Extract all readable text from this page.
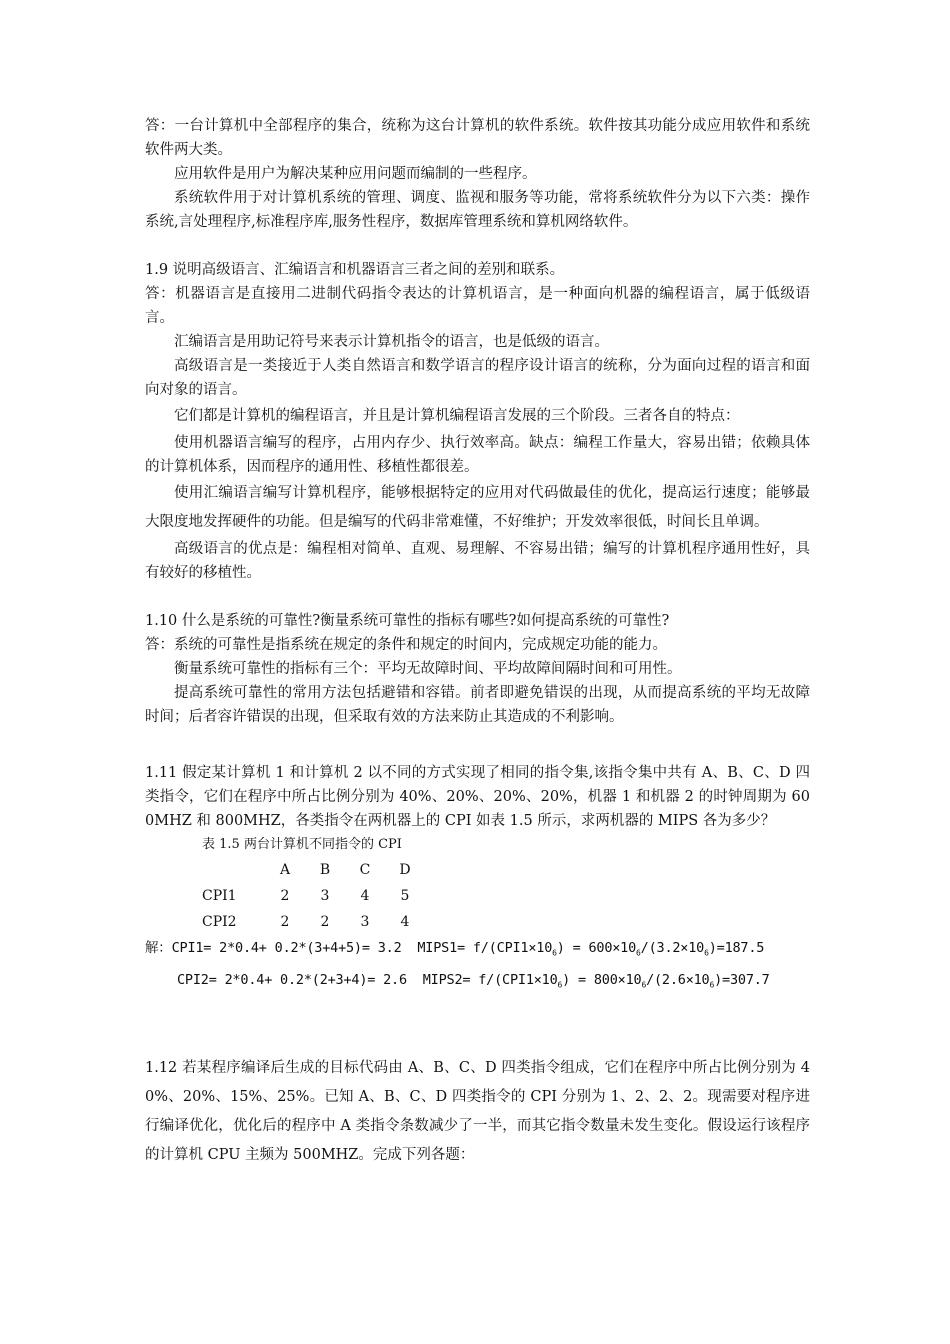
答：一台计算机中全部程序的集合，统称为这台计算机的软件系统。软件按其功能分成应用软件和系统软件两大类。

应用软件是用户为解决某种应用问题而编制的一些程序。

系统软件用于对计算机系统的管理、调度、监视和服务等功能，常将系统软件分为以下六类：操作系统,言处理程序,标准程序库,服务性程序，数据库管理系统和算机网络软件。

1.9 说明高级语言、汇编语言和机器语言三者之间的差别和联系。

答：机器语言是直接用二进制代码指令表达的计算机语言，是一种面向机器的编程语言，属于低级语言。

汇编语言是用助记符号来表示计算机指令的语言，也是低级的语言。

高级语言是一类接近于人类自然语言和数学语言的程序设计语言的统称，分为面向过程的语言和面向对象的语言。

它们都是计算机的编程语言，并且是计算机编程语言发展的三个阶段。三者各自的特点：

使用机器语言编写的程序，占用内存少、执行效率高。缺点：编程工作量大，容易出错；依赖具体的计算机体系，因而程序的通用性、移植性都很差。

使用汇编语言编写计算机程序，能够根据特定的应用对代码做最佳的优化，提高运行速度；能够最大限度地发挥硬件的功能。但是编写的代码非常难懂，不好维护；开发效率很低，时间长且单调。

高级语言的优点是：编程相对简单、直观、易理解、不容易出错；编写的计算机程序通用性好，具有较好的移植性。

1.10 什么是系统的可靠性?衡量系统可靠性的指标有哪些?如何提高系统的可靠性?

答：系统的可靠性是指系统在规定的条件和规定的时间内，完成规定功能的能力。

衡量系统可靠性的指标有三个：平均无故障时间、平均故障间隔时间和可用性。

提高系统可靠性的常用方法包括避错和容错。前者即避免错误的出现，从而提高系统的平均无故障时间；后者容许错误的出现，但采取有效的方法来防止其造成的不利影响。

1.11 假定某计算机 1 和计算机 2 以不同的方式实现了相同的指令集,该指令集中共有 A、B、C、D 四类指令，它们在程序中所占比例分别为 40%、20%、20%、20%，机器 1 和机器 2 的时钟周期为 600MHZ 和 800MHZ，各类指令在两机器上的 CPI 如表 1.5 所示，求两机器的 MIPS 各为多少？

表 1.5 两台计算机不同指令的 CPI
	A	B	C	D
CPI1	2	3	4	5
CPI2	2	2	3	4
解：CPI1= 2*0.4+ 0.2*(3+4+5)= 3.2  MIPS1= $f/(CPI1\times 10_6) = 600\times 10_6/(3.2\times 10_6)=187.5$
CPI2= 2*0.4+ 0.2*(2+3+4)= 2.6  MIPS2= $f/(CPI1\times 10_6) = 800\times 10_6/(2.6\times 10_6)=307.7$

1.12 若某程序编译后生成的目标代码由 A、B、C、D 四类指令组成，它们在程序中所占比例分别为 40%、20%、15%、25%。已知 A、B、C、D 四类指令的 CPI 分别为 1、2、2、2。现需要对程序进行编译优化，优化后的程序中 A 类指令条数减少了一半，而其它指令数量未发生变化。假设运行该程序的计算机 CPU 主频为 500MHZ。完成下列各题：
